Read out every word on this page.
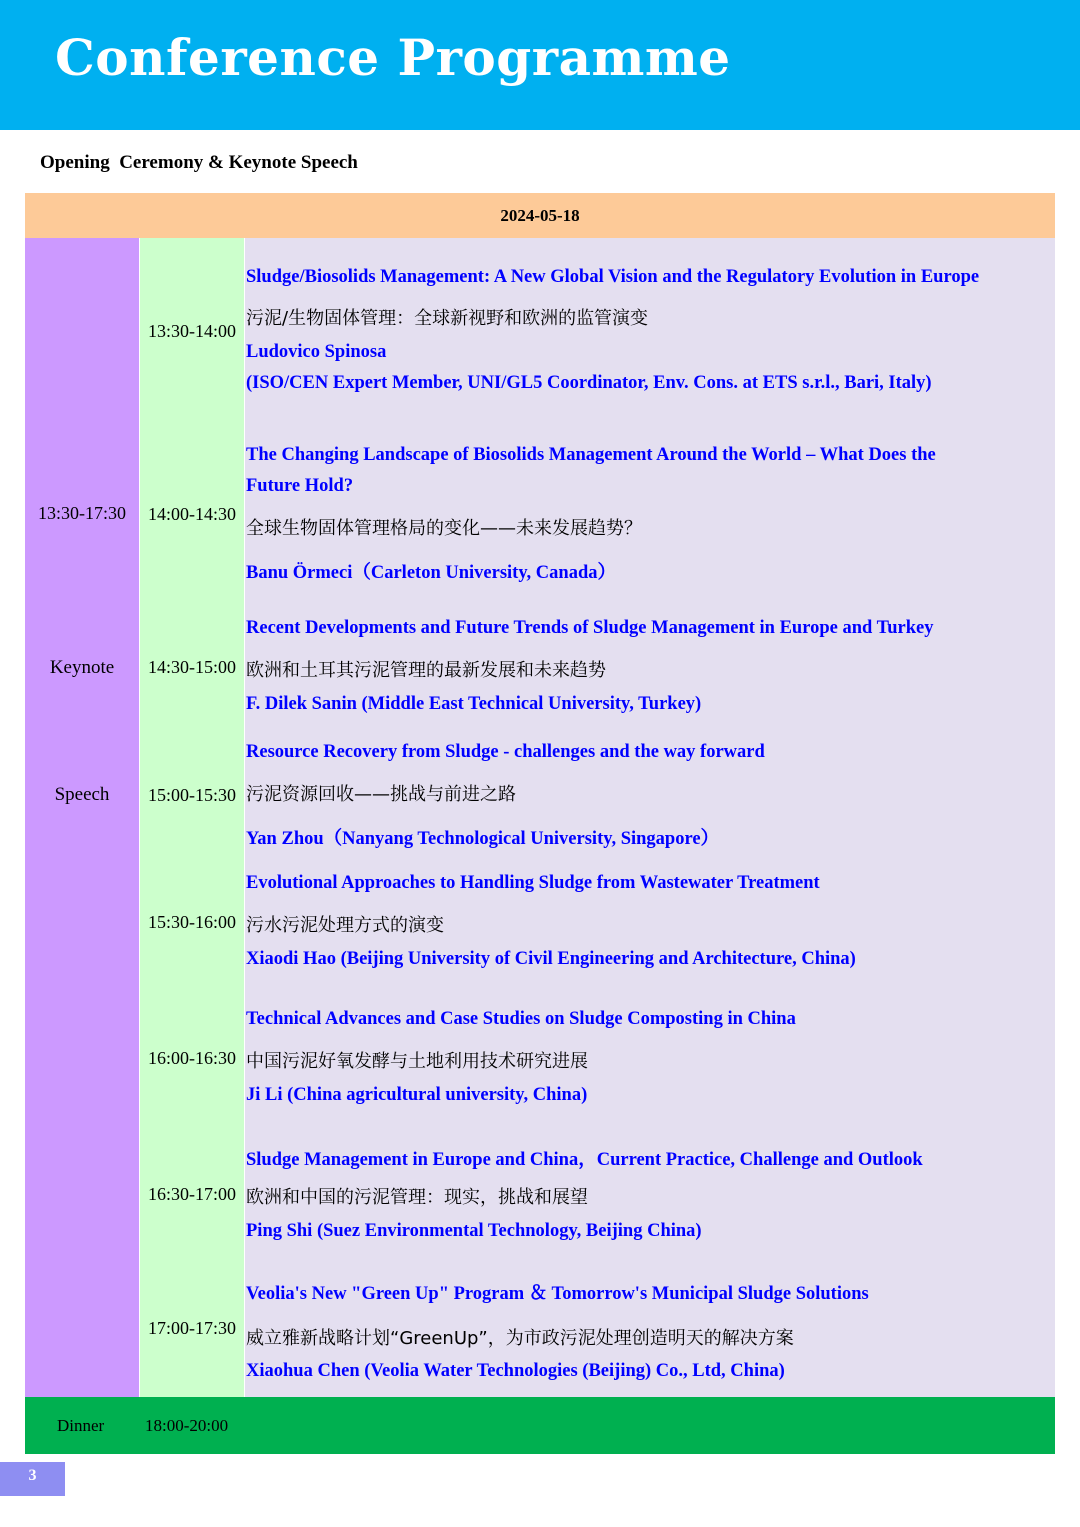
Conference Programme
Opening  Ceremony & Keynote Speech
2024-05-18
13:30-17:30
Keynote
Speech
13:30-14:00
Sludge/Biosolids Management: A New Global Vision and the Regulatory Evolution in Europe
污泥/生物固体管理：全球新视野和欧洲的监管演变
Ludovico Spinosa
(ISO/CEN Expert Member, UNI/GL5 Coordinator, Env. Cons. at ETS s.r.l., Bari, Italy)
14:00-14:30
The Changing Landscape of Biosolids Management Around the World – What Does the
Future Hold?
全球生物固体管理格局的变化——未来发展趋势？
Banu Örmeci（Carleton University, Canada）
14:30-15:00
Recent Developments and Future Trends of Sludge Management in Europe and Turkey
欧洲和土耳其污泥管理的最新发展和未来趋势
F. Dilek Sanin (Middle East Technical University, Turkey)
15:00-15:30
Resource Recovery from Sludge - challenges and the way forward
污泥资源回收——挑战与前进之路
Yan Zhou（Nanyang Technological University, Singapore）
15:30-16:00
Evolutional Approaches to Handling Sludge from Wastewater Treatment
污水污泥处理方式的演变
Xiaodi Hao (Beijing University of Civil Engineering and Architecture, China)
16:00-16:30
Technical Advances and Case Studies on Sludge Composting in China
中国污泥好氧发酵与土地利用技术研究进展
Ji Li (China agricultural university, China)
16:30-17:00
Sludge Management in Europe and China，Current Practice, Challenge and Outlook
欧洲和中国的污泥管理：现实，挑战和展望
Ping Shi (Suez Environmental Technology, Beijing China)
17:00-17:30
Veolia's New "Green Up" Program ＆ Tomorrow's Municipal Sludge Solutions
威立雅新战略计划“GreenUp”，为市政污泥处理创造明天的解决方案
Xiaohua Chen (Veolia Water Technologies (Beijing) Co., Ltd, China)
Dinner 18:00-20:00
3
